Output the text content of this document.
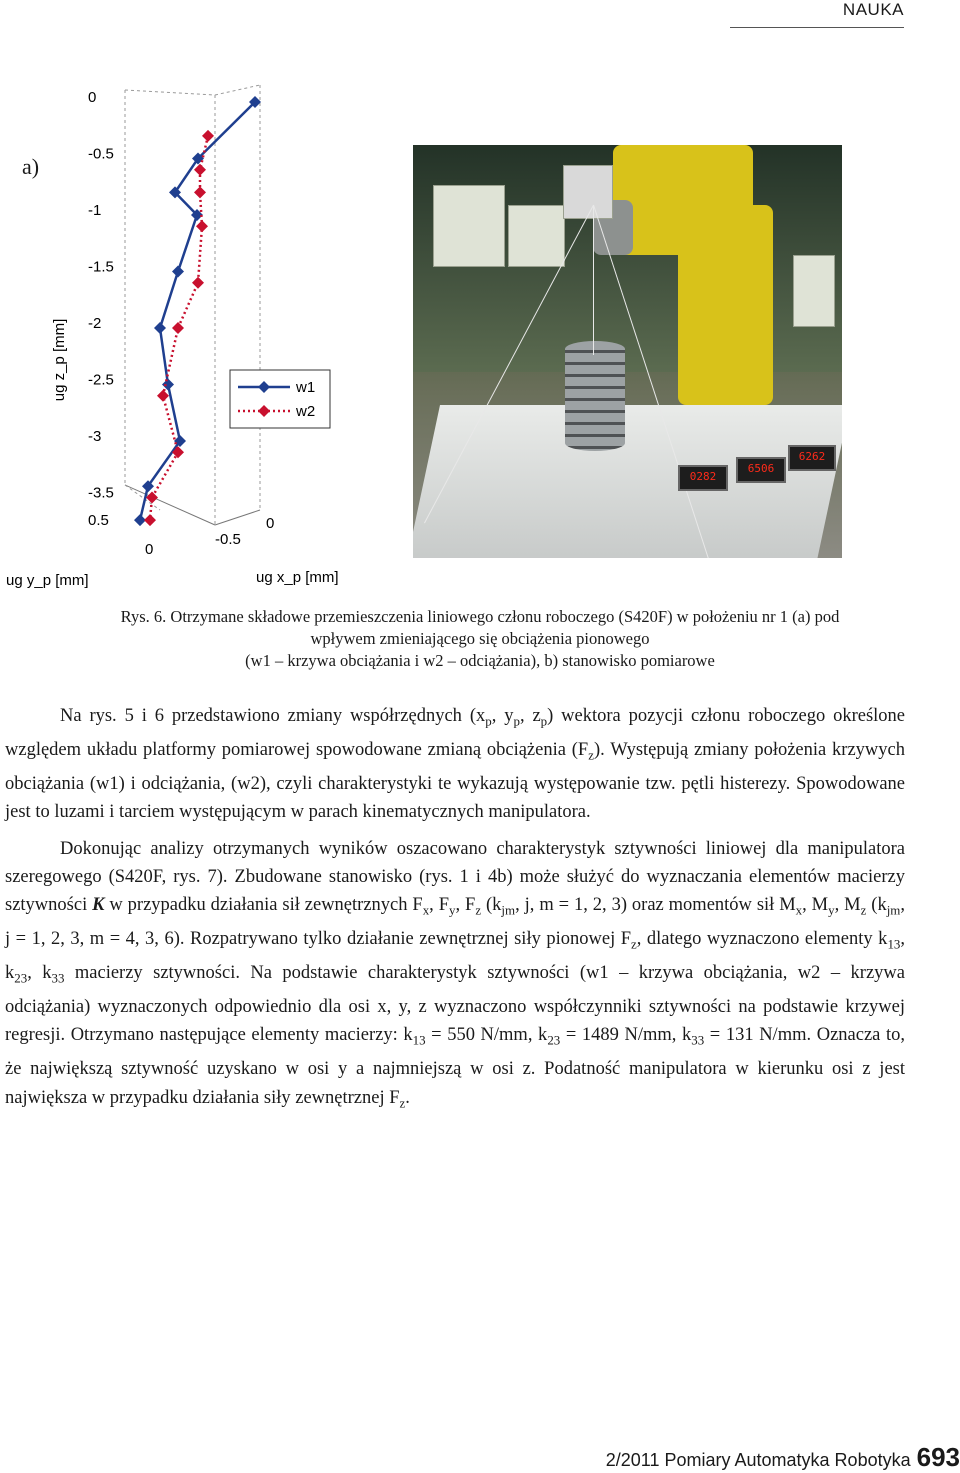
NAUKA
a)
0
-0.5
-1
-1.5
-2
-2.5
-3
-3.5
0.5
0
-0.5
0
ug z_p [mm]
ug y_p [mm]	ug x_p [mm]
w1
w2
0282
6506
6262
Rys. 6. Otrzymane składowe przemieszczenia liniowego członu roboczego (S420F) w położeniu nr 1 (a) pod
wpływem zmieniającego się obciążenia pionowego
(w1 – krzywa obciążania i w2 – odciążania), b) stanowisko pomiarowe

Na rys. 5 i 6 przedstawiono zmiany współrzędnych ($x_p$, $y_p$, $z_p$) wektora pozycji członu roboczego określone względem układu platformy pomiarowej spowodowane zmianą obciążenia $(F_z)$. Występują zmiany położenia krzywych obciążania (w1) i odciążania, (w2), czyli charakterystyki te wykazują występowanie tzw. pętli histerezy. Spowodowane jest to luzami i tarciem występującym w parach kinematycznych manipulatora.

Dokonując analizy otrzymanych wyników oszacowano charakterystyk sztywności liniowej dla manipulatora szeregowego (S420F, rys. 7). Zbudowane stanowisko (rys. 1 i 4b) może służyć do wyznaczania elementów macierzy sztywności K w przypadku działania sił zewnętrznych $F_x$, $F_y$, $F_z$ ($k_{jm}$, j, m = 1, 2, 3) oraz momentów sił $M_x$, $M_y$, $M_z$ ($k_{jm}$, j = 1, 2, 3, m = 4, 3, 6). Rozpatrywano tylko działanie zewnętrznej siły pionowej $F_z$, dlatego wyznaczono elementy $k_{13}$, $k_{23}$, $k_{33}$ macierzy sztywności. Na podstawie charakterystyk sztywności (w1 – krzywa obciążania, w2 – krzywa odciążania) wyznaczonych odpowiednio dla osi x, y, z wyznaczono współczynniki sztywności na podstawie krzywej regresji. Otrzymano następujące elementy macierzy: $k_{13} = 550$ N/mm, $k_{23} = 1489$ N/mm, $k_{33} = 131$ N/mm. Oznacza to, że największą sztywność uzyskano w osi y a najmniejszą w osi z. Podatność manipulatora w kierunku osi z jest największa w przypadku działania siły zewnętrznej $F_z$.

2/2011 Pomiary Automatyka Robotyka 693
